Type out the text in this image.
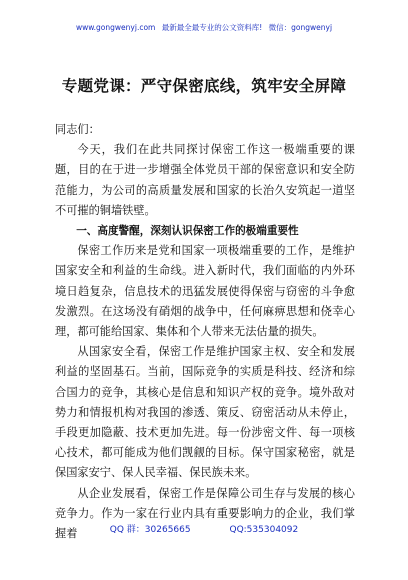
www.gongwenyj.com 最新最全最专业的公文资料库! 微信：gongwenyj
专题党课：严守保密底线，筑牢安全屏障

同志们：

今天，我们在此共同探讨保密工作这一极端重要的课题，目的在于进一步增强全体党员干部的保密意识和安全防范能力，为公司的高质量发展和国家的长治久安筑起一道坚不可摧的铜墙铁壁。

一、高度警醒，深刻认识保密工作的极端重要性

保密工作历来是党和国家一项极端重要的工作，是维护国家安全和利益的生命线。进入新时代，我们面临的内外环境日趋复杂，信息技术的迅猛发展使得保密与窃密的斗争愈发激烈。在这场没有硝烟的战争中，任何麻痹思想和侥幸心理，都可能给国家、集体和个人带来无法估量的损失。

从国家安全看，保密工作是维护国家主权、安全和发展利益的坚固基石。当前，国际竞争的实质是科技、经济和综合国力的竞争，其核心是信息和知识产权的竞争。境外敌对势力和情报机构对我国的渗透、策反、窃密活动从未停止，手段更加隐蔽、技术更加先进。每一份涉密文件、每一项核心技术，都可能成为他们觊觎的目标。保守国家秘密，就是保国家安宁、保人民幸福、保民族未来。

从企业发展看，保密工作是保障公司生存与发展的核心竞争力。作为一家在行业内具有重要影响力的企业，我们掌握着	QQ 群：30265665	QQ:535304092
